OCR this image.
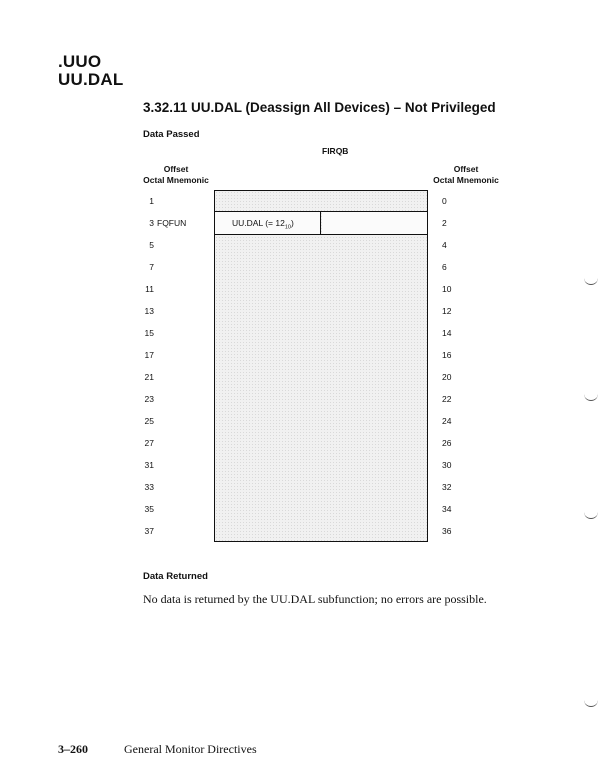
.UUO
UU.DAL
3.32.11 UU.DAL (Deassign All Devices) – Not Privileged
Data Passed
FIRQB
Offset
Octal Mnemonic
Offset
Octal Mnemonic
1
3 FQFUN
5
7
11
13
15
17
21
23
25
27
31
33
35
37
UU.DAL (= $12_{10}$)
0
2
4
6
10
12
14
16
20
22
24
26
30
32
34
36
Data Returned
No data is returned by the UU.DAL subfunction; no errors are possible.
3–260	General Monitor Directives
